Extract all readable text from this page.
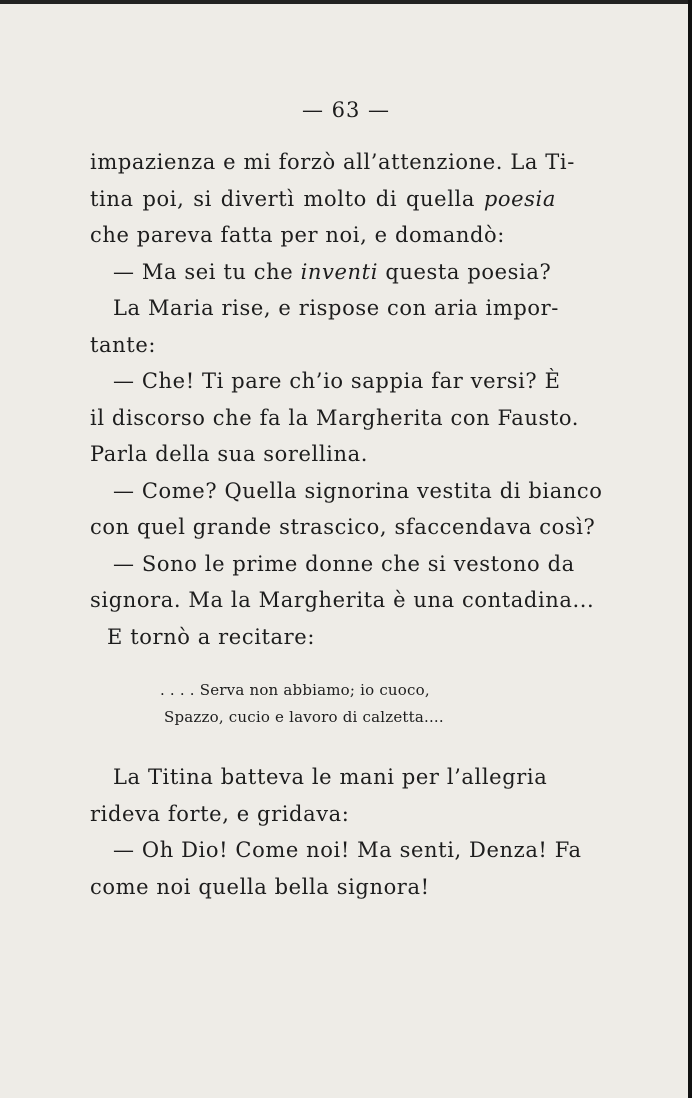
— 63 —
impazienza e mi forzò all’attenzione. La Ti-
tina poi, si divertì molto di quella poesia
che pareva fatta per noi, e domandò:
— Ma sei tu che inventi questa poesia?
La Maria rise, e rispose con aria impor-
tante:
— Che! Ti pare ch’io sappia far versi? È
il discorso che fa la Margherita con Fausto.
Parla della sua sorellina.
— Come? Quella signorina vestita di bianco
con quel grande strascico, sfaccendava così?
— Sono le prime donne che si vestono da
signora. Ma la Margherita è una contadina...
E tornò a recitare:
. . . . Serva non abbiamo; io cuoco,
Spazzo, cucio e lavoro di calzetta....
La Titina batteva le mani per l’allegria
rideva forte, e gridava:
— Oh Dio! Come noi! Ma senti, Denza! Fa
come noi quella bella signora!
